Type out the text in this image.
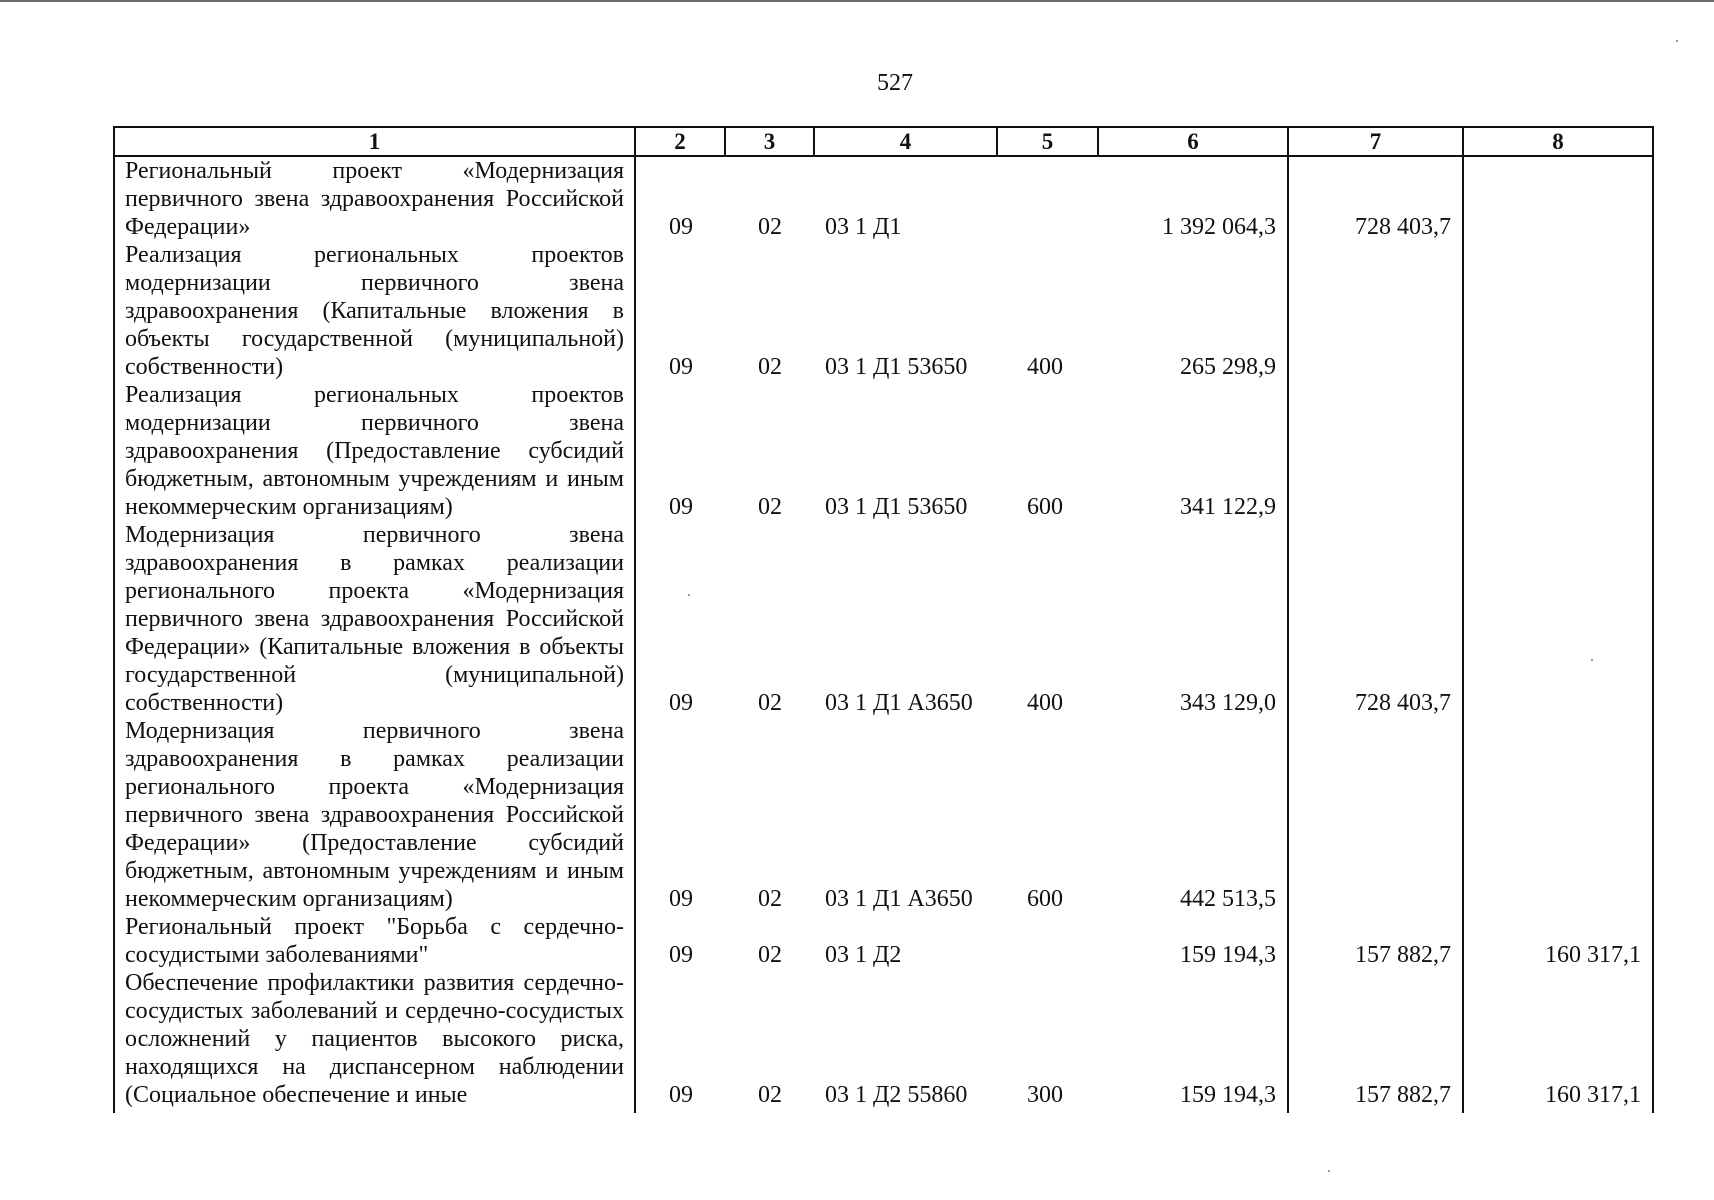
527
1	2	3	4	5	6	7	8
Региональный проект «Модернизация первичного звена здравоохранения Российской Федерации»	09	02	03 1 Д1		1 392 064,3	728 403,7	
Реализация региональных проектов модернизации первичного звена здравоохранения (Капитальные вложения в объекты государственной (муниципальной) собственности)	09	02	03 1 Д1 53650	400	265 298,9		
Реализация региональных проектов модернизации первичного звена здравоохранения (Предоставление субсидий бюджетным, автономным учреждениям и иным некоммерческим организациям)	09	02	03 1 Д1 53650	600	341 122,9		
Модернизация первичного звена здравоохранения в рамках реализации регионального проекта «Модернизация первичного звена здравоохранения Российской Федерации» (Капитальные вложения в объекты государственной (муниципальной) собственности)	09	02	03 1 Д1 А3650	400	343 129,0	728 403,7	
Модернизация первичного звена здравоохранения в рамках реализации регионального проекта «Модернизация первичного звена здравоохранения Российской Федерации» (Предоставление субсидий бюджетным, автономным учреждениям и иным некоммерческим организациям)	09	02	03 1 Д1 А3650	600	442 513,5		
Региональный проект "Борьба с сердечно-сосудистыми заболеваниями"	09	02	03 1 Д2		159 194,3	157 882,7	160 317,1
Обеспечение профилактики развития сердечно-сосудистых заболеваний и сердечно-сосудистых осложнений у пациентов высокого риска, находящихся на диспансерном наблюдении (Социальное обеспечение и иные	09	02	03 1 Д2 55860	300	159 194,3	157 882,7	160 317,1
